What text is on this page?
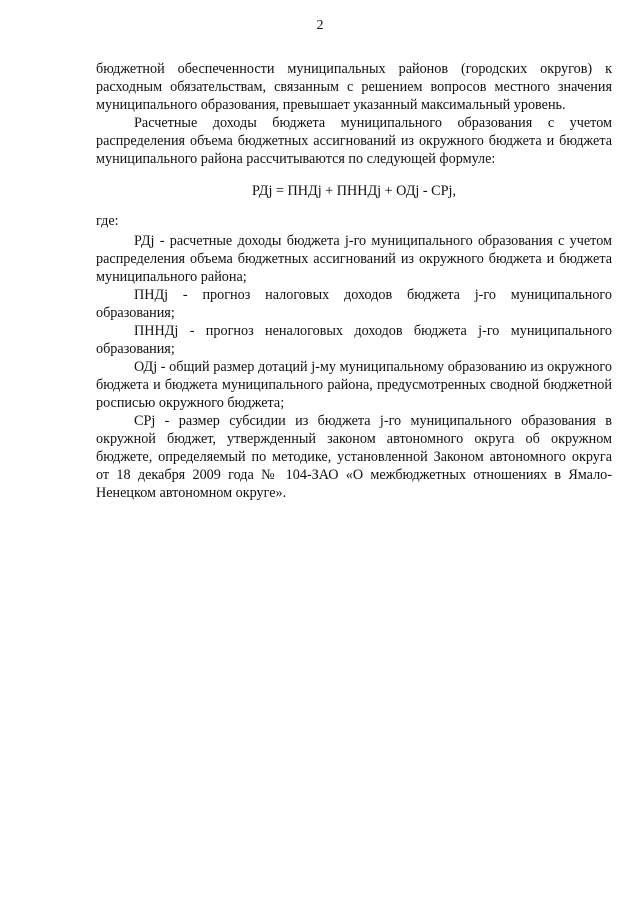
2

бюджетной обеспеченности муниципальных районов (городских округов) к расходным обязательствам, связанным с решением вопросов местного значения муниципального образования, превышает указанный максимальный уровень.

Расчетные доходы бюджета муниципального образования с учетом распределения объема бюджетных ассигнований из окружного бюджета и бюджета муниципального района рассчитываются по следующей формуле:

РДj = ПНДj + ПННДj + ОДj - СРj,

где:

РДj - расчетные доходы бюджета j-го муниципального образования с учетом распределения объема бюджетных ассигнований из окружного бюджета и бюджета муниципального района;

ПНДj - прогноз налоговых доходов бюджета j-го муниципального образования;

ПННДj - прогноз неналоговых доходов бюджета j-го муниципального образования;

ОДj - общий размер дотаций j-му муниципальному образованию из окружного бюджета и бюджета муниципального района, предусмотренных сводной бюджетной росписью окружного бюджета;

СРj - размер субсидии из бюджета j-го муниципального образования в окружной бюджет, утвержденный законом автономного округа об окружном бюджете, определяемый по методике, установленной Законом автономного округа от 18 декабря 2009 года № 104-ЗАО «О межбюджетных отношениях в Ямало-Ненецком автономном округе».
